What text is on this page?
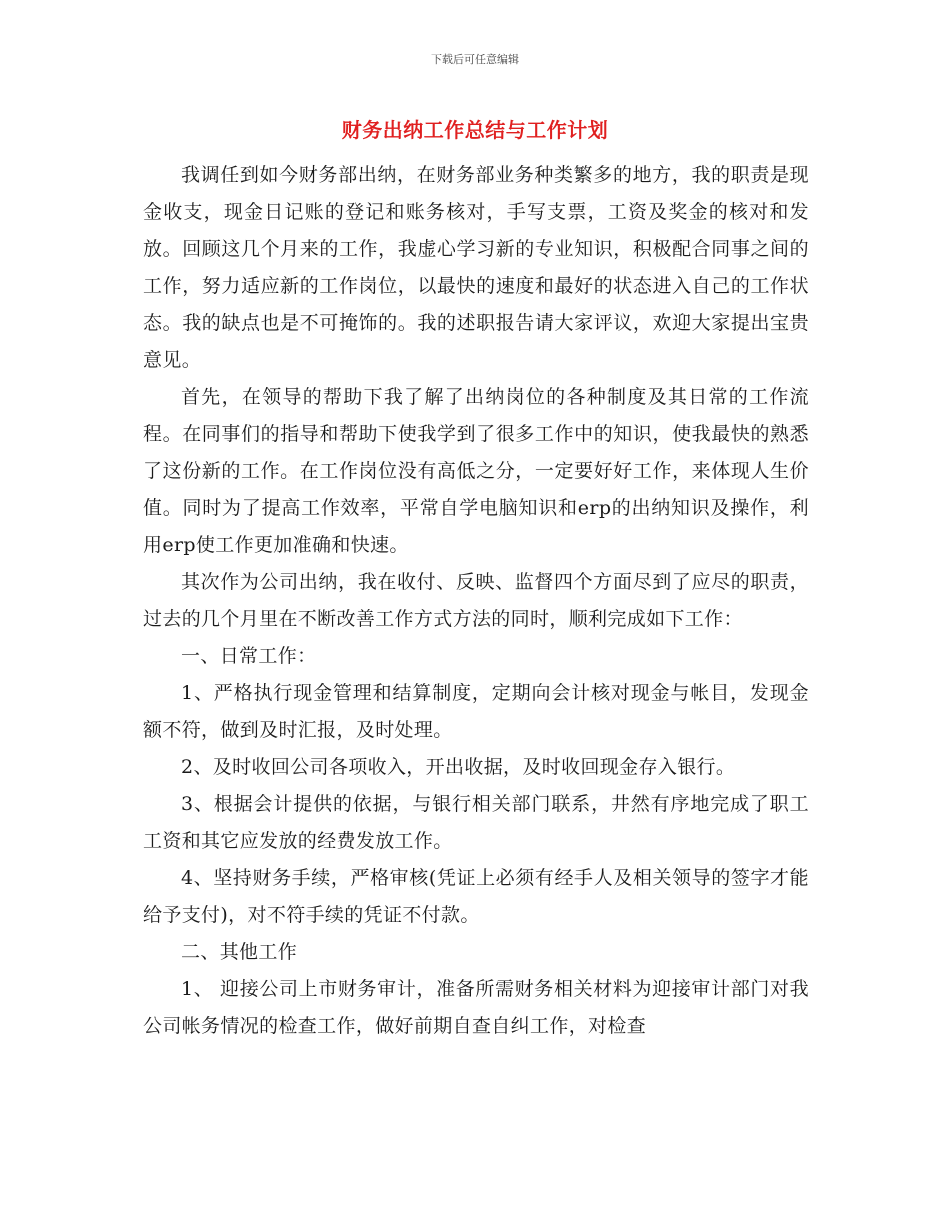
下载后可任意编辑
财务出纳工作总结与工作计划

我调任到如今财务部出纳，在财务部业务种类繁多的地方，我的职责是现金收支，现金日记账的登记和账务核对，手写支票，工资及奖金的核对和发放。回顾这几个月来的工作，我虚心学习新的专业知识，积极配合同事之间的工作，努力适应新的工作岗位，以最快的速度和最好的状态进入自己的工作状态。我的缺点也是不可掩饰的。我的述职报告请大家评议，欢迎大家提出宝贵意见。

首先，在领导的帮助下我了解了出纳岗位的各种制度及其日常的工作流程。在同事们的指导和帮助下使我学到了很多工作中的知识，使我最快的熟悉了这份新的工作。在工作岗位没有高低之分，一定要好好工作，来体现人生价值。同时为了提高工作效率，平常自学电脑知识和erp的出纳知识及操作，利用erp使工作更加准确和快速。

其次作为公司出纳，我在收付、反映、监督四个方面尽到了应尽的职责，过去的几个月里在不断改善工作方式方法的同时，顺利完成如下工作：

一、日常工作：

1、严格执行现金管理和结算制度，定期向会计核对现金与帐目，发现金额不符，做到及时汇报，及时处理。

2、及时收回公司各项收入，开出收据，及时收回现金存入银行。

3、根据会计提供的依据，与银行相关部门联系，井然有序地完成了职工工资和其它应发放的经费发放工作。

4、坚持财务手续，严格审核(凭证上必须有经手人及相关领导的签字才能给予支付)，对不符手续的凭证不付款。

二、其他工作

1、 迎接公司上市财务审计，准备所需财务相关材料为迎接审计部门对我公司帐务情况的检查工作，做好前期自查自纠工作，对检查
